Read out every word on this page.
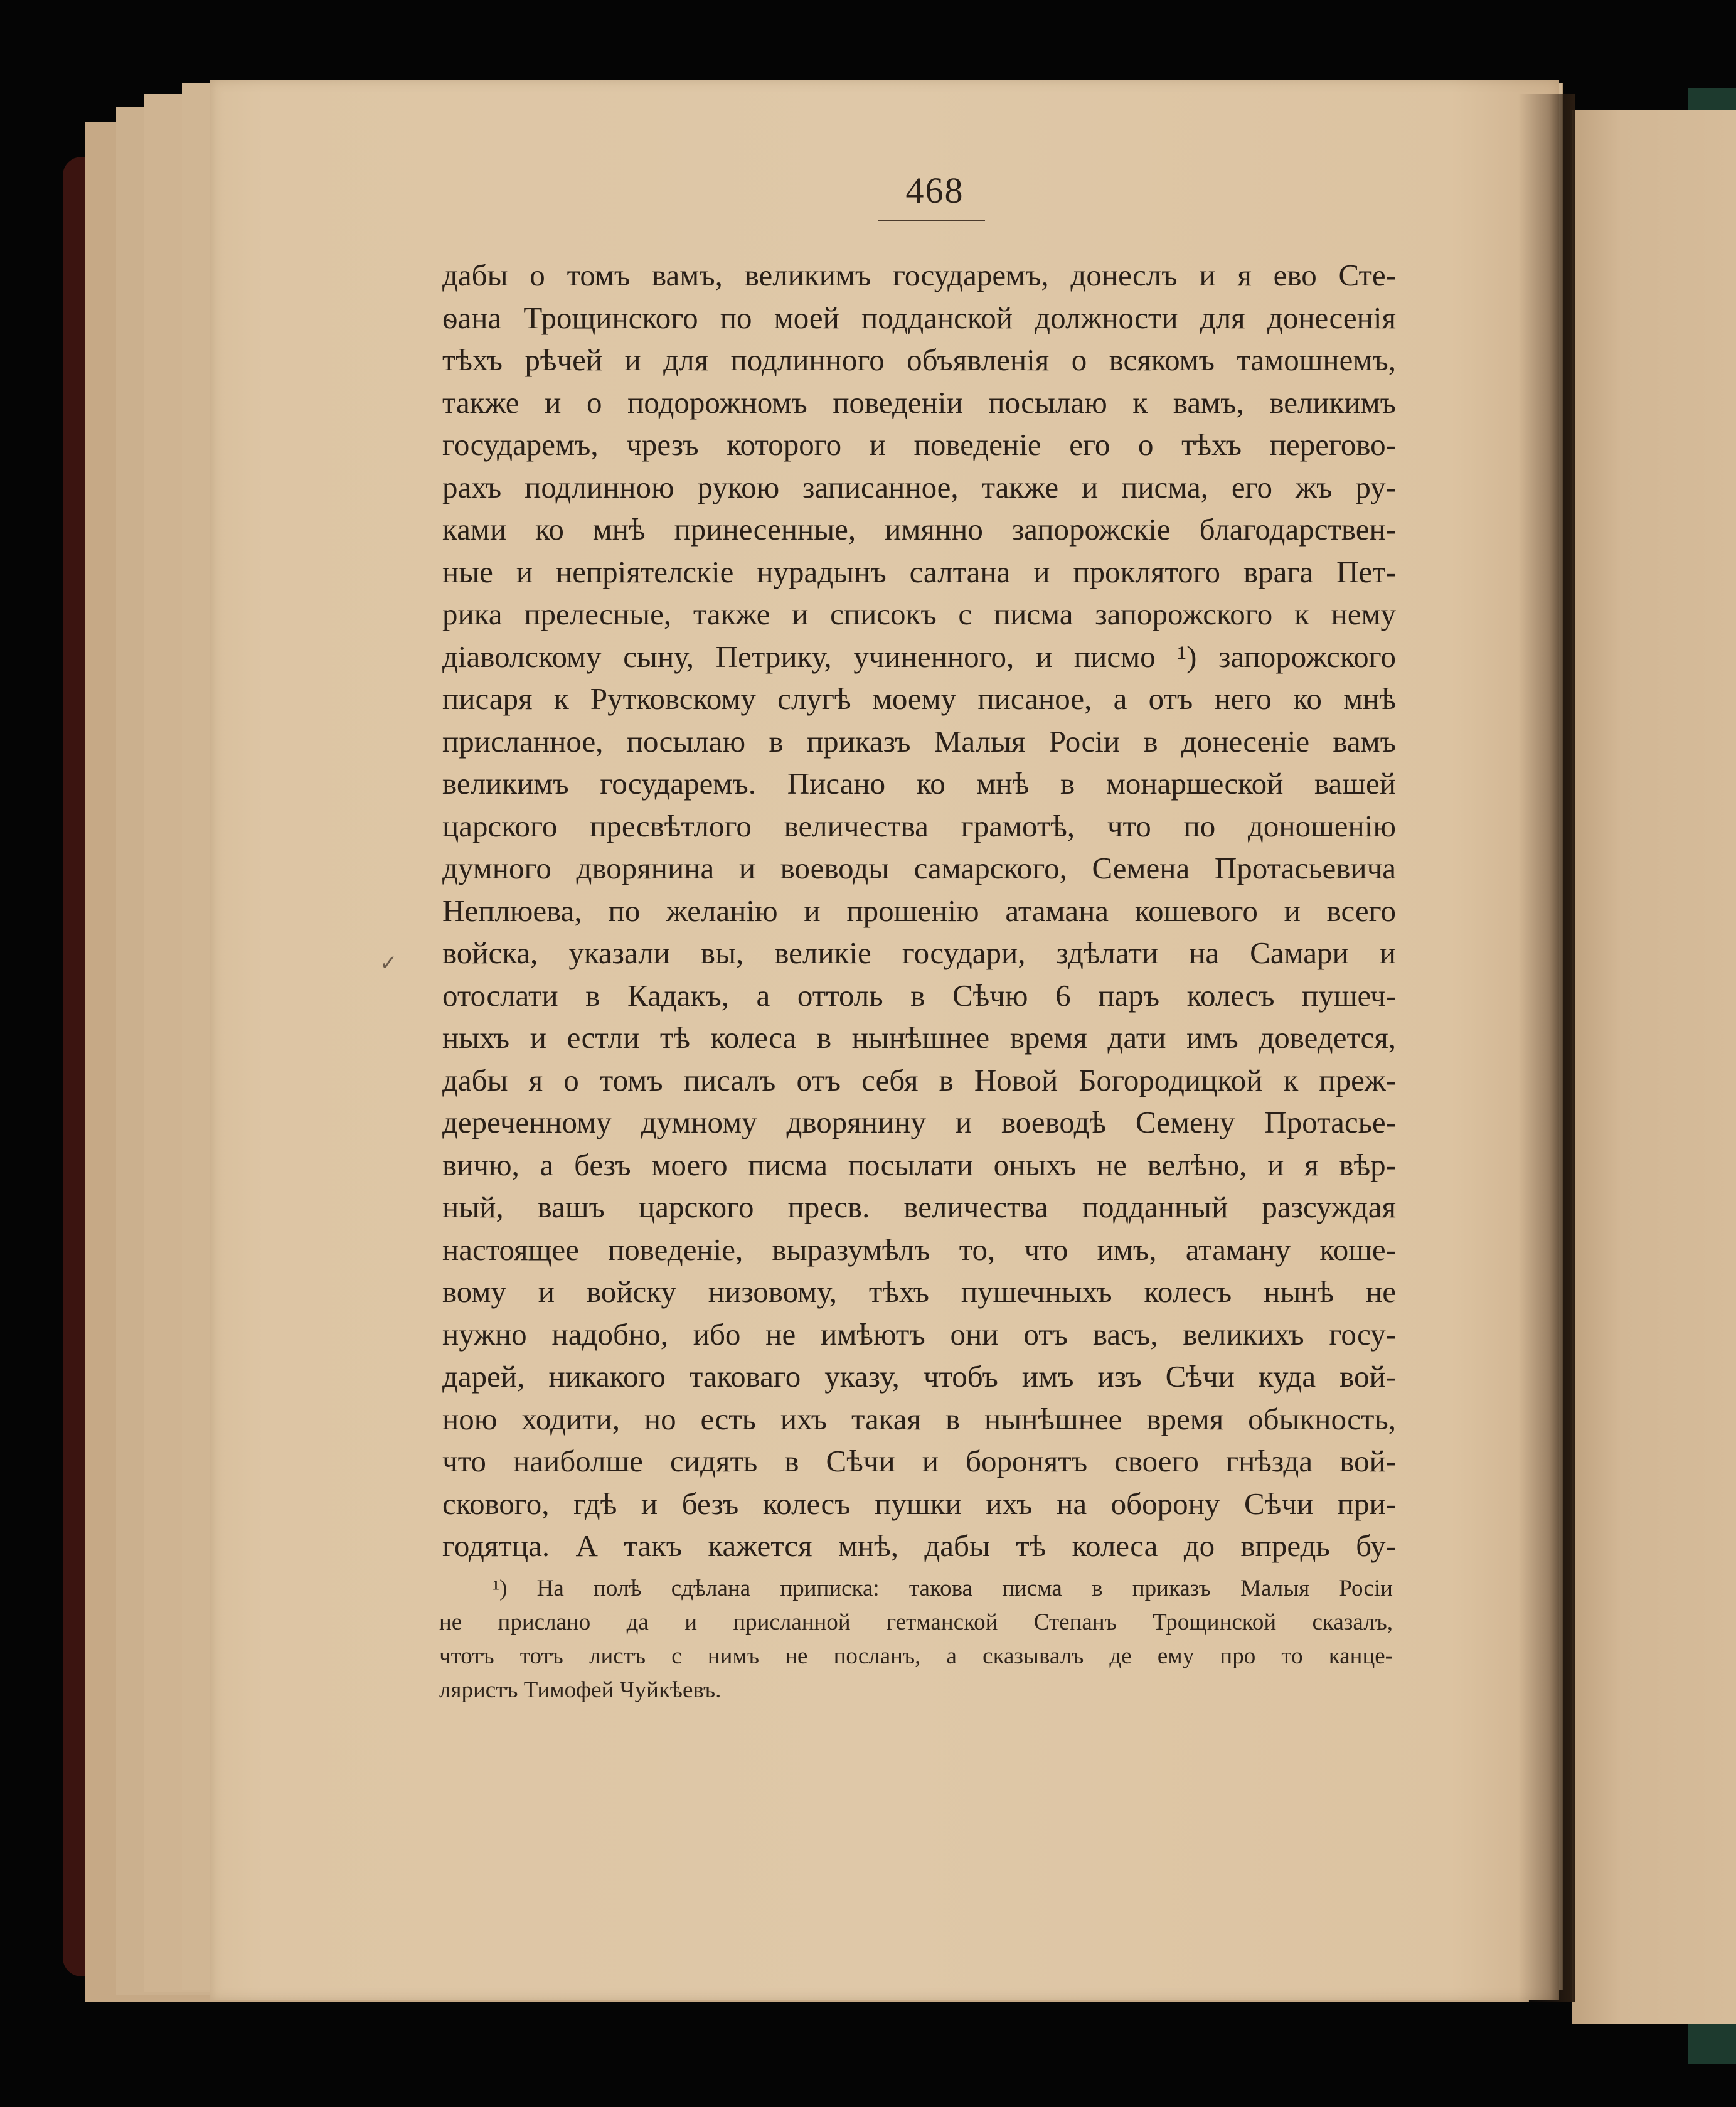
468
дабы о томъ вамъ, великимъ государемъ, донеслъ и я ево Сте-
ѳана Трощинского по моей подданской должности для донесенія
тѣхъ рѣчей и для подлинного объявленія о всякомъ тамошнемъ,
также и о подорожномъ поведеніи посылаю к вамъ, великимъ
государемъ, чрезъ которого и поведеніе его о тѣхъ перегово-
рахъ подлинною рукою записанное, также и писма, его жъ ру-
ками ко мнѣ принесенные, имянно запорожскіе благодарствен-
ные и непріятелскіе нурадынъ салтана и проклятого врага Пет-
рика прелесные, также и списокъ с писма запорожского к нему
діаволскому сыну, Петрику, учиненного, и писмо ¹) запорожского
писаря к Рутковскому слугѣ моему писаное, а отъ него ко мнѣ
присланное, посылаю в приказъ Малыя Росіи в донесеніе вамъ
великимъ государемъ. Писано ко мнѣ в монаршеской вашей
царского пресвѣтлого величества грамотѣ, что по доношенію
думного дворянина и воеводы самарского, Семена Протасьевича
Неплюева, по желанію и прошенію атамана кошевого и всего
войска, указали вы, великіе государи, здѣлати на Самари и
отослати в Кадакъ, а оттоль в Сѣчю 6 паръ колесъ пушеч-
ныхъ и естли тѣ колеса в нынѣшнее время дати имъ доведется,
дабы я о томъ писалъ отъ себя в Новой Богородицкой к преж-
дереченному думному дворянину и воеводѣ Семену Протасье-
вичю, а безъ моего писма посылати оныхъ не велѣно, и я вѣр-
ный, вашъ царского пресв. величества подданный разсуждая
настоящее поведеніе, выразумѣлъ то, что имъ, атаману коше-
вому и войску низовому, тѣхъ пушечныхъ колесъ нынѣ не
нужно надобно, ибо не имѣютъ они отъ васъ, великихъ госу-
дарей, никакого таковаго указу, чтобъ имъ изъ Сѣчи куда вой-
ною ходити, но есть ихъ такая в нынѣшнее время обыкность,
что наиболше сидять в Сѣчи и боронятъ своего гнѣзда вой-
скового, гдѣ и безъ колесъ пушки ихъ на оборону Сѣчи при-
годятца. А такъ кажется мнѣ, дабы тѣ колеса до впредь бу-
¹) На полѣ сдѣлана приписка: такова писма в приказъ Малыя Росіи
не прислано да и присланной гетманской Степанъ Трощинской сказалъ,
чтотъ тотъ листъ с нимъ не посланъ, а сказывалъ де ему про то канце-
ляристъ Тимофей Чуйкѣевъ.
✓
